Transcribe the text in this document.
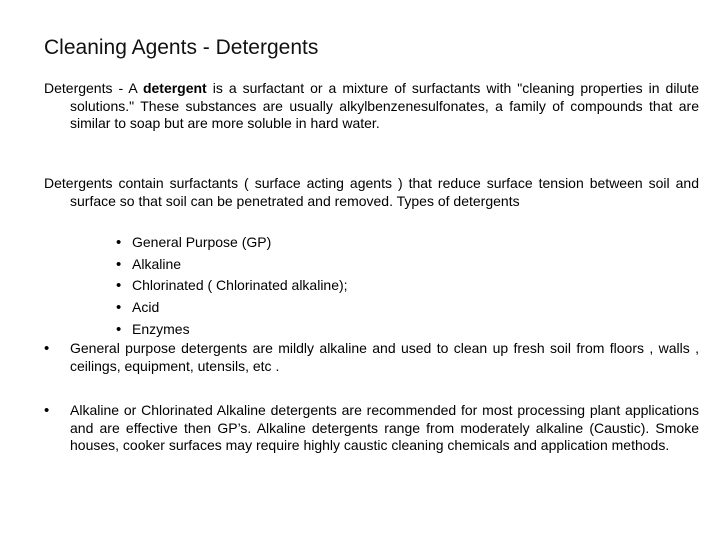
Cleaning Agents - Detergents
Detergents - A detergent is a surfactant or a mixture of surfactants with "cleaning properties in dilute solutions." These substances are usually alkylbenzenesulfonates, a family of compounds that are similar to soap but are more soluble in hard water.
Detergents contain surfactants ( surface acting agents ) that reduce surface tension between soil and surface so that soil can be penetrated and removed. Types of detergents
• General Purpose (GP)
• Alkaline
• Chlorinated ( Chlorinated alkaline);
• Acid
• Enzymes
• General purpose detergents are mildly alkaline and used to clean up fresh soil from floors , walls , ceilings, equipment, utensils, etc .
• Alkaline or Chlorinated Alkaline detergents are recommended for most processing plant applications and are effective then GP’s. Alkaline detergents range from moderately alkaline (Caustic). Smoke houses, cooker surfaces may require highly caustic cleaning chemicals and application methods.
